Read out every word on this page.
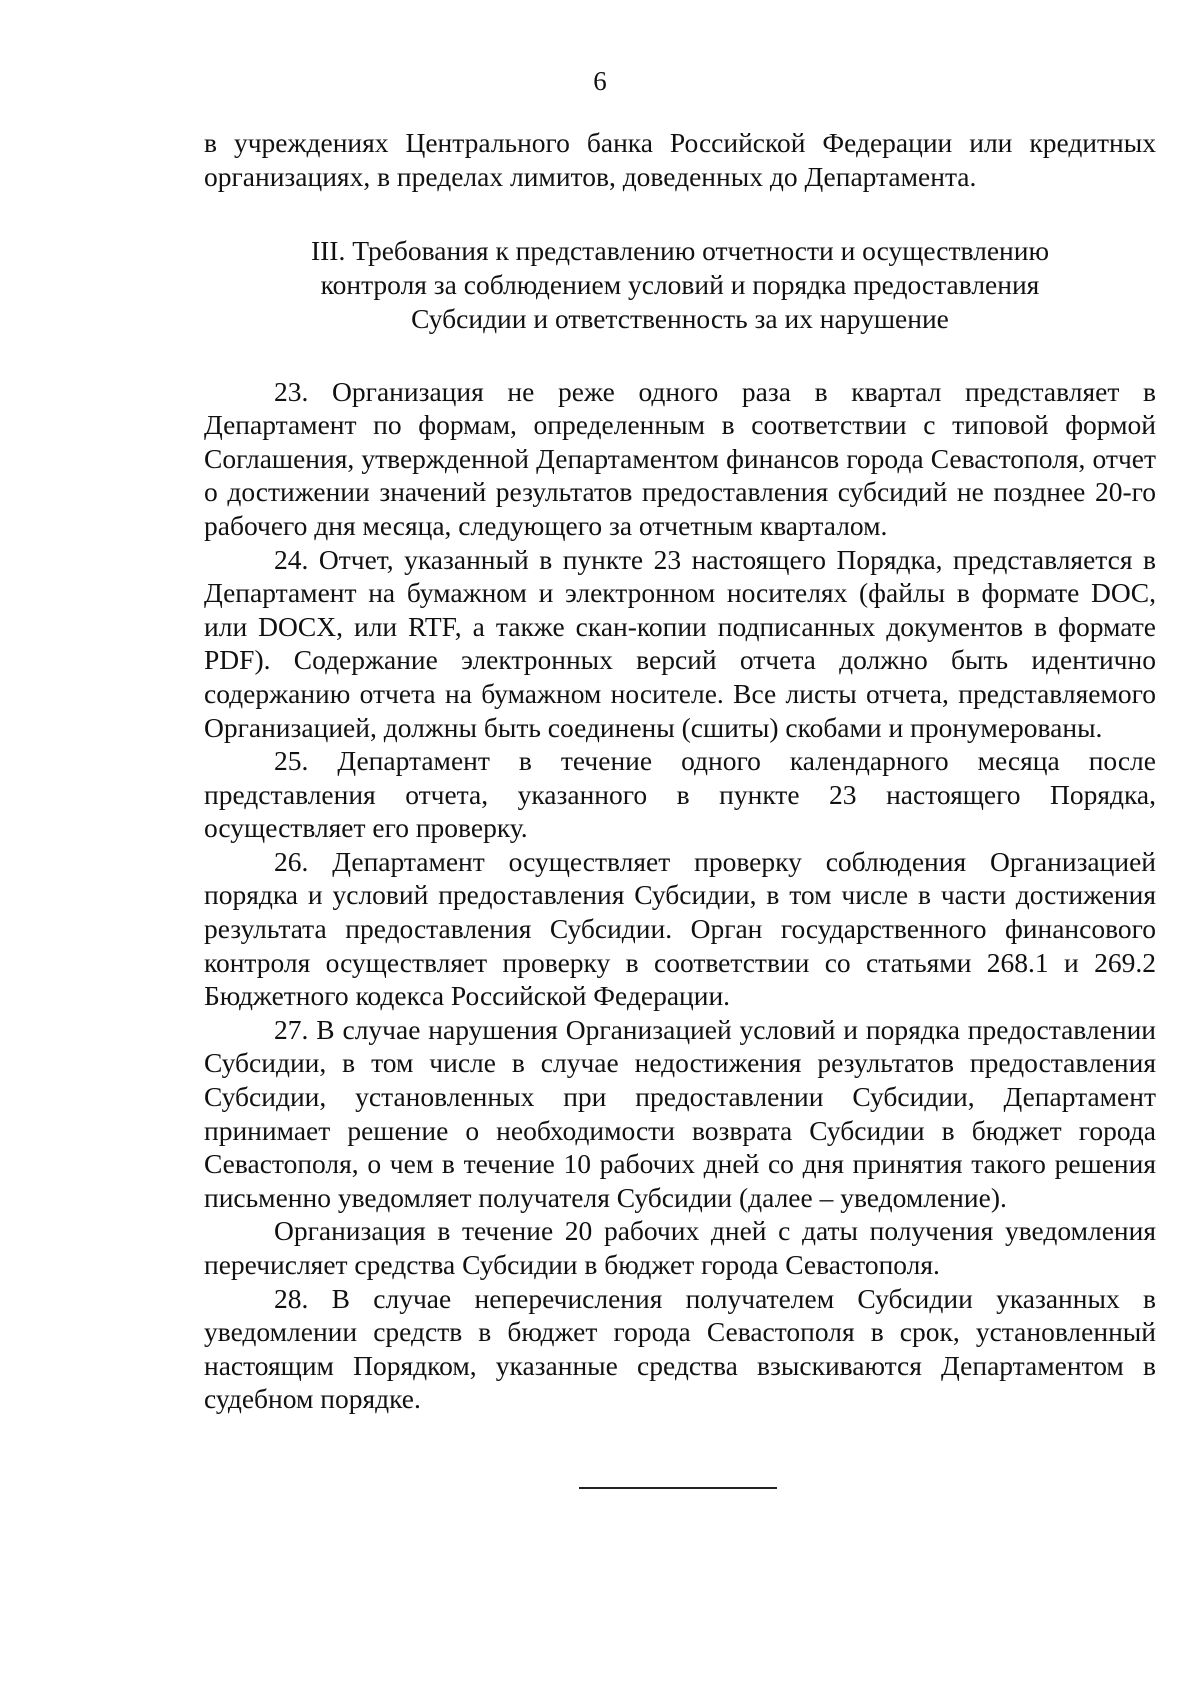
6

в учреждениях Центрального банка Российской Федерации или кредитных организациях, в пределах лимитов, доведенных до Департамента.

III. Требования к представлению отчетности и осуществлению
контроля за соблюдением условий и порядка предоставления
Субсидии и ответственность за их нарушение

23. Организация не реже одного раза в квартал представляет в Департамент по формам, определенным в соответствии с типовой формой Соглашения, утвержденной Департаментом финансов города Севастополя, отчет о достижении значений результатов предоставления субсидий не позднее 20-го рабочего дня месяца, следующего за отчетным кварталом.

24. Отчет, указанный в пункте 23 настоящего Порядка, представляется в Департамент на бумажном и электронном носителях (файлы в формате DOC, или DOCX, или RTF, а также скан-копии подписанных документов в формате PDF). Содержание электронных версий отчета должно быть идентично содержанию отчета на бумажном носителе. Все листы отчета, представляемого Организацией, должны быть соединены (сшиты) скобами и пронумерованы.

25. Департамент в течение одного календарного месяца после представления отчета, указанного в пункте 23 настоящего Порядка, осуществляет его проверку.

26. Департамент осуществляет проверку соблюдения Организацией порядка и условий предоставления Субсидии, в том числе в части достижения результата предоставления Субсидии. Орган государственного финансового контроля осуществляет проверку в соответствии со статьями 268.1 и 269.2 Бюджетного кодекса Российской Федерации.

27. В случае нарушения Организацией условий и порядка предоставлении Субсидии, в том числе в случае недостижения результатов предоставления Субсидии, установленных при предоставлении Субсидии, Департамент принимает решение о необходимости возврата Субсидии в бюджет города Севастополя, о чем в течение 10 рабочих дней со дня принятия такого решения письменно уведомляет получателя Субсидии (далее – уведомление).

Организация в течение 20 рабочих дней с даты получения уведомления перечисляет средства Субсидии в бюджет города Севастополя.

28. В случае неперечисления получателем Субсидии указанных в уведомлении средств в бюджет города Севастополя в срок, установленный настоящим Порядком, указанные средства взыскиваются Департаментом в судебном порядке.
